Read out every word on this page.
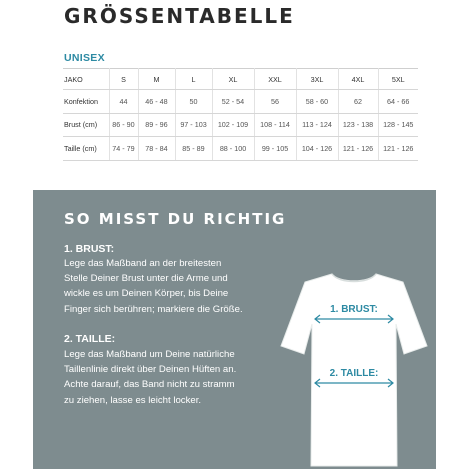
GRÖSSENTABELLE
UNISEX
JAKO	S	M	L	XL	XXL	3XL	4XL	5XL
Konfektion	44	46 - 48	50	52 - 54	56	58 - 60	62	64 - 66
Brust (cm)	86 - 90	89 - 96	97 - 103	102 - 109	108 - 114	113 - 124	123 - 138	128 - 145
Taille (cm)	74 - 79	78 - 84	85 - 89	88 - 100	99 - 105	104 - 126	121 - 126	121 - 126
SO MISST DU RICHTIG
1. BRUST:
Lege das Maßband an der breitesten
Stelle Deiner Brust unter die Arme und
wickle es um Deinen Körper, bis Deine
Finger sich berühren; markiere die Größe.
2. TAILLE:
Lege das Maßband um Deine natürliche
Taillenlinie direkt über Deinen Hüften an.
Achte darauf, das Band nicht zu stramm
zu ziehen, lasse es leicht locker.
1. BRUST:
2. TAILLE:
